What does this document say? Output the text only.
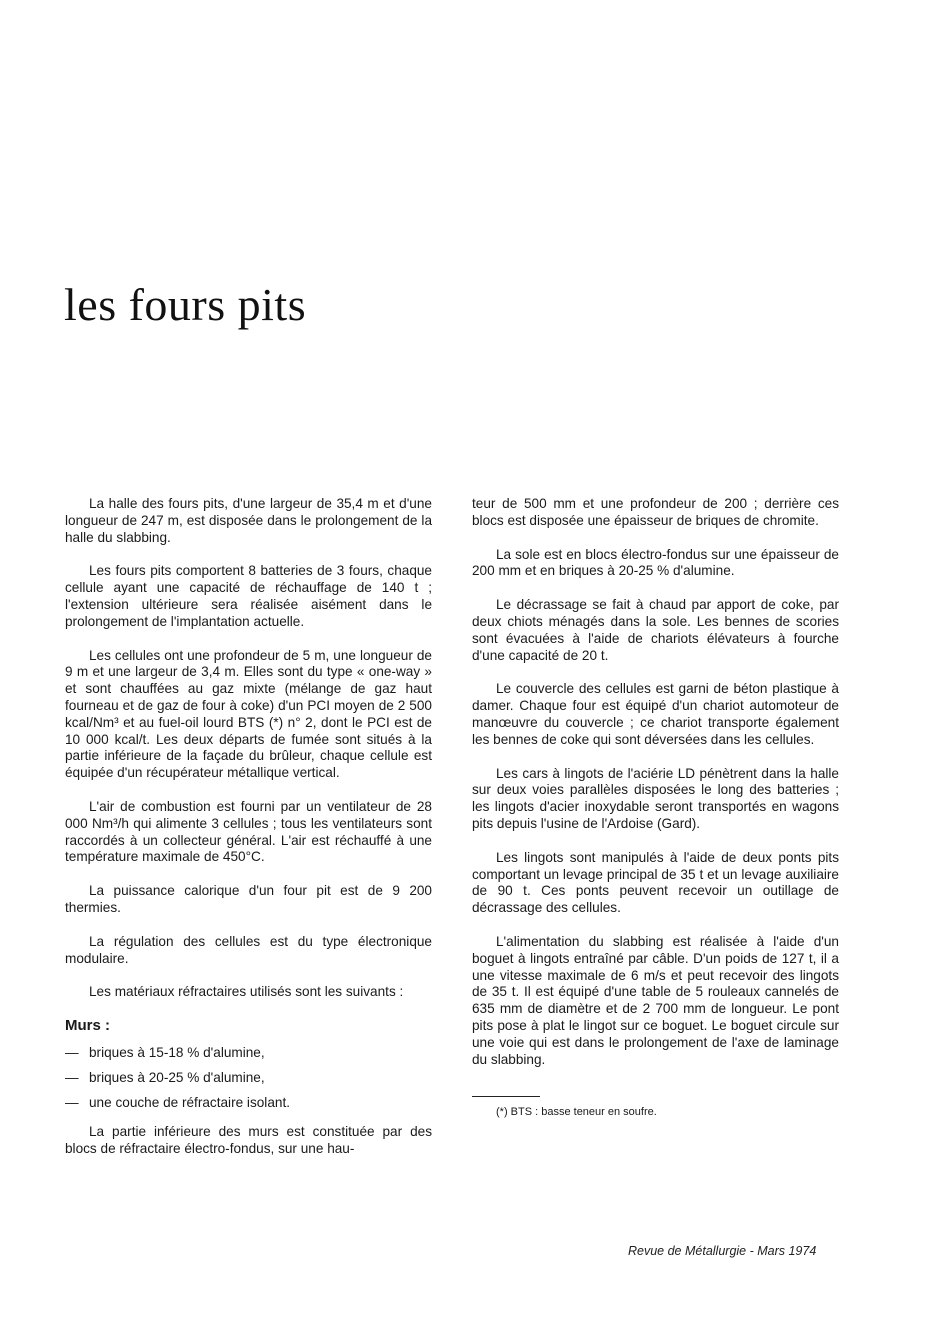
les fours pits

La halle des fours pits, d'une largeur de 35,4 m et d'une longueur de 247 m, est disposée dans le prolongement de la halle du slabbing.

Les fours pits comportent 8 batteries de 3 fours, chaque cellule ayant une capacité de réchauffage de 140 t ; l'extension ultérieure sera réalisée aisément dans le prolongement de l'implantation actuelle.

Les cellules ont une profondeur de 5 m, une longueur de 9 m et une largeur de 3,4 m. Elles sont du type « one-way » et sont chauffées au gaz mixte (mélange de gaz haut fourneau et de gaz de four à coke) d'un PCI moyen de 2 500 kcal/Nm³ et au fuel-oil lourd BTS (*) n° 2, dont le PCI est de 10 000 kcal/t. Les deux départs de fumée sont situés à la partie inférieure de la façade du brûleur, chaque cellule est équipée d'un récupérateur métallique vertical.

L'air de combustion est fourni par un ventilateur de 28 000 Nm³/h qui alimente 3 cellules ; tous les ventilateurs sont raccordés à un collecteur général. L'air est réchauffé à une température maximale de 450°C.

La puissance calorique d'un four pit est de 9 200 thermies.

La régulation des cellules est du type électronique modulaire.

Les matériaux réfractaires utilisés sont les suivants :

Murs :
— briques à 15-18 % d'alumine,
— briques à 20-25 % d'alumine,
— une couche de réfractaire isolant.

La partie inférieure des murs est constituée par des blocs de réfractaire électro-fondus, sur une hau-

teur de 500 mm et une profondeur de 200 ; derrière ces blocs est disposée une épaisseur de briques de chromite.

La sole est en blocs électro-fondus sur une épaisseur de 200 mm et en briques à 20-25 % d'alumine.

Le décrassage se fait à chaud par apport de coke, par deux chiots ménagés dans la sole. Les bennes de scories sont évacuées à l'aide de chariots élévateurs à fourche d'une capacité de 20 t.

Le couvercle des cellules est garni de béton plastique à damer. Chaque four est équipé d'un chariot automoteur de manœuvre du couvercle ; ce chariot transporte également les bennes de coke qui sont déversées dans les cellules.

Les cars à lingots de l'aciérie LD pénètrent dans la halle sur deux voies parallèles disposées le long des batteries ; les lingots d'acier inoxydable seront transportés en wagons pits depuis l'usine de l'Ardoise (Gard).

Les lingots sont manipulés à l'aide de deux ponts pits comportant un levage principal de 35 t et un levage auxiliaire de 90 t. Ces ponts peuvent recevoir un outillage de décrassage des cellules.

L'alimentation du slabbing est réalisée à l'aide d'un boguet à lingots entraîné par câble. D'un poids de 127 t, il a une vitesse maximale de 6 m/s et peut recevoir des lingots de 35 t. Il est équipé d'une table de 5 rouleaux cannelés de 635 mm de diamètre et de 2 700 mm de longueur. Le pont pits pose à plat le lingot sur ce boguet. Le boguet circule sur une voie qui est dans le prolongement de l'axe de laminage du slabbing.

(*) BTS : basse teneur en soufre.

Revue de Métallurgie - Mars 1974
